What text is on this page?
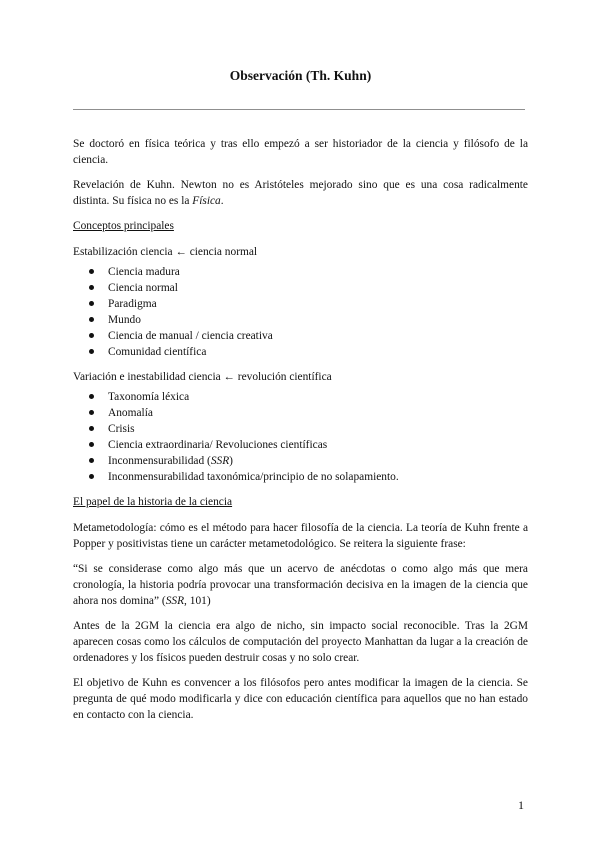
Observación (Th. Kuhn)

Se doctoró en física teórica y tras ello empezó a ser historiador de la ciencia y filósofo de la ciencia.

Revelación de Kuhn. Newton no es Aristóteles mejorado sino que es una cosa radicalmente distinta. Su física no es la Física.

Conceptos principales

Estabilización ciencia ← ciencia normal

Ciencia madura
Ciencia normal
Paradigma
Mundo
Ciencia de manual / ciencia creativa
Comunidad científica

Variación e inestabilidad ciencia ← revolución científica

Taxonomía léxica
Anomalía
Crisis
Ciencia extraordinaria/ Revoluciones científicas
Inconmensurabilidad (SSR)
Inconmensurabilidad taxonómica/principio de no solapamiento.

El papel de la historia de la ciencia

Metametodología: cómo es el método para hacer filosofía de la ciencia. La teoría de Kuhn frente a Popper y positivistas tiene un carácter metametodológico. Se reitera la siguiente frase:

“Si se considerase como algo más que un acervo de anécdotas o como algo más que mera cronología, la historia podría provocar una transformación decisiva en la imagen de la ciencia que ahora nos domina” (SSR, 101)

Antes de la 2GM la ciencia era algo de nicho, sin impacto social reconocible. Tras la 2GM aparecen cosas como los cálculos de computación del proyecto Manhattan da lugar a la creación de ordenadores y los físicos pueden destruir cosas y no solo crear.

El objetivo de Kuhn es convencer a los filósofos pero antes modificar la imagen de la ciencia. Se pregunta de qué modo modificarla y dice con educación científica para aquellos que no han estado en contacto con la ciencia.

1
